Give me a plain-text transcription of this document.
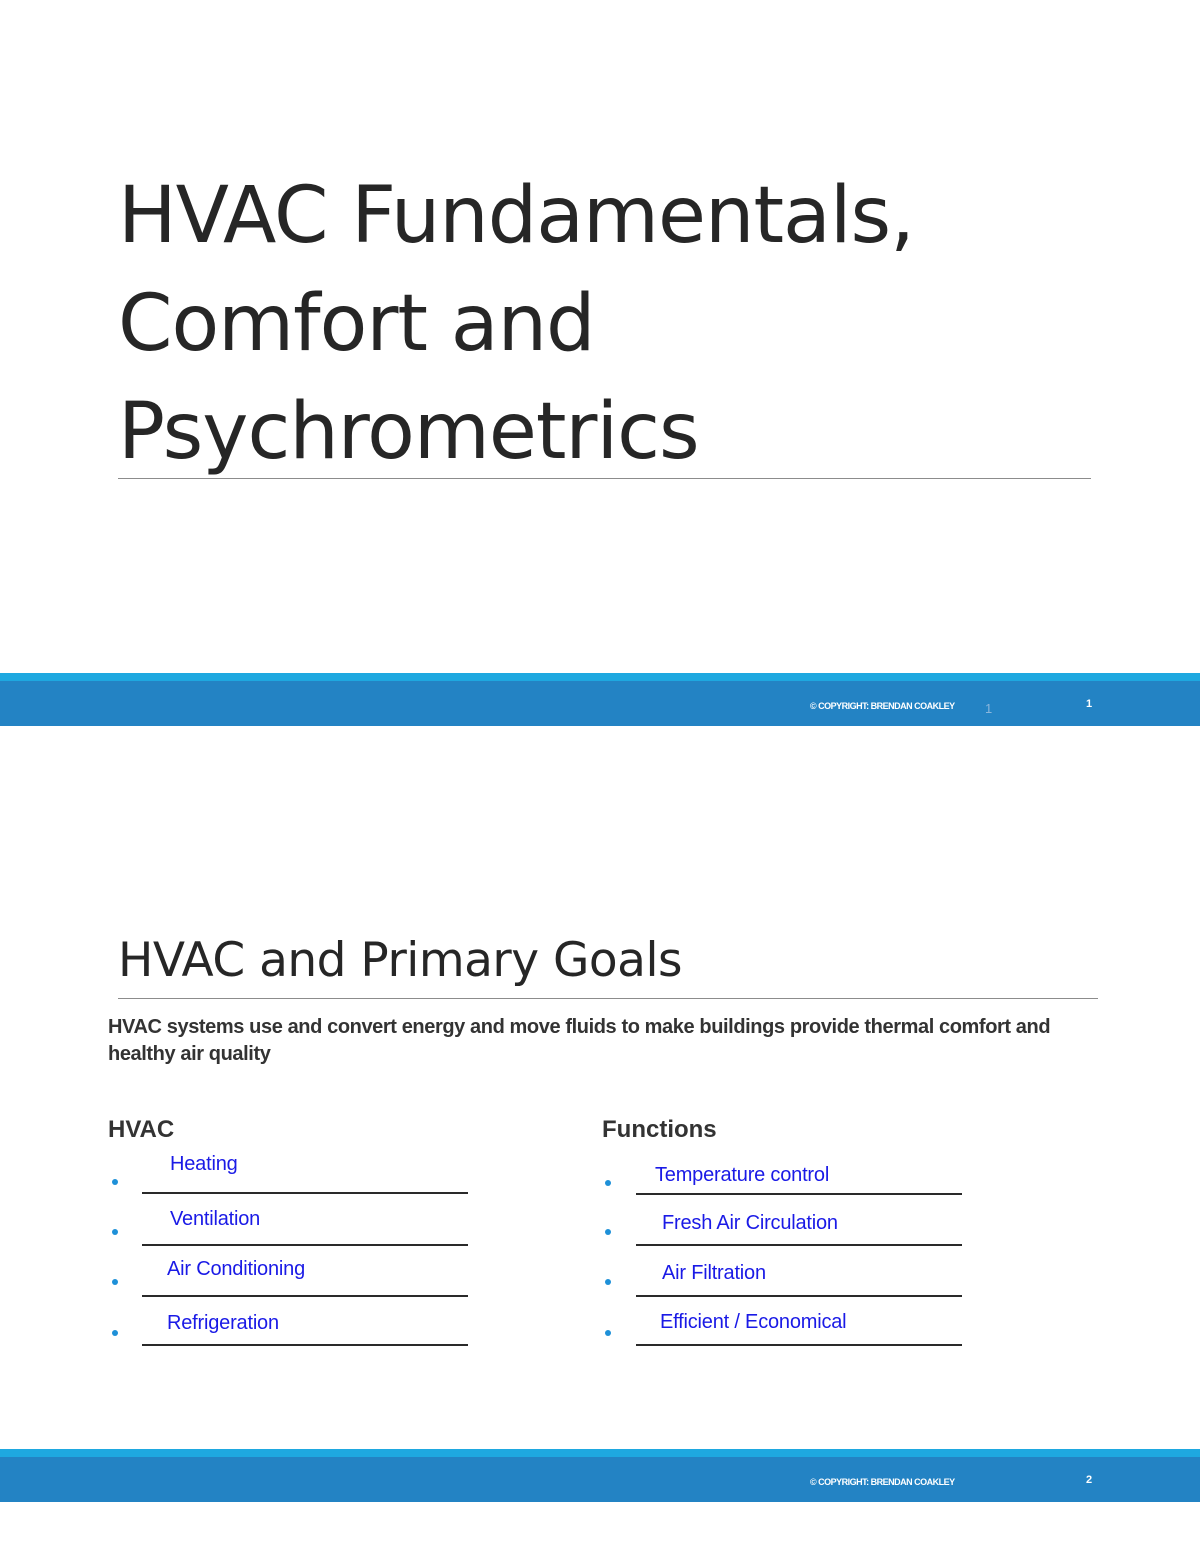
HVAC Fundamentals,
Comfort and
Psychrometrics
© COPYRIGHT: BRENDAN COAKLEY 1	1
HVAC and Primary Goals

HVAC systems use and convert energy and move fluids to make buildings provide thermal comfort and healthy air quality

HVAC
Heating
Ventilation
Air Conditioning
Refrigeration
Functions
Temperature control
Fresh Air Circulation
Air Filtration
Efficient / Economical
© COPYRIGHT: BRENDAN COAKLEY	2
